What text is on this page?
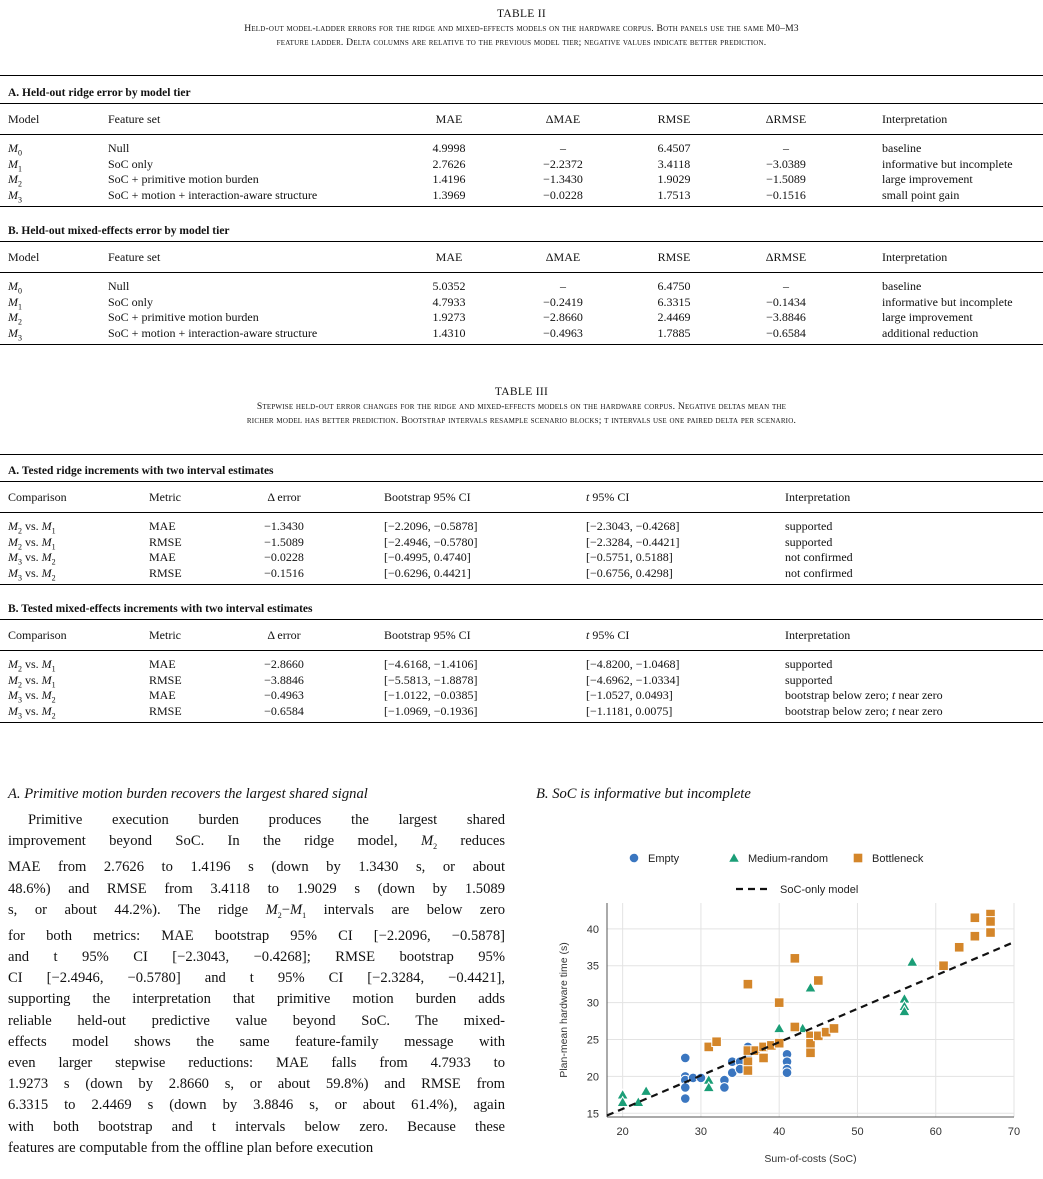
TABLE II
Held-out model-ladder errors for the ridge and mixed-effects models on the hardware corpus. Both panels use the same M0–M3
feature ladder. Delta columns are relative to the previous model tier; negative values indicate better prediction.
A. Held-out ridge error by model tier
Model	Feature set	MAE	ΔMAE	RMSE	ΔRMSE	Interpretation
$M_0$	Null	4.9998	–	6.4507	–	baseline
$M_1$	SoC only	2.7626	−2.2372	3.4118	−3.0389	informative but incomplete
$M_2$	SoC + primitive motion burden	1.4196	−1.3430	1.9029	−1.5089	large improvement
$M_3$	SoC + motion + interaction-aware structure	1.3969	−0.0228	1.7513	−0.1516	small point gain
B. Held-out mixed-effects error by model tier
Model	Feature set	MAE	ΔMAE	RMSE	ΔRMSE	Interpretation
$M_0$	Null	5.0352	–	6.4750	–	baseline
$M_1$	SoC only	4.7933	−0.2419	6.3315	−0.1434	informative but incomplete
$M_2$	SoC + primitive motion burden	1.9273	−2.8660	2.4469	−3.8846	large improvement
$M_3$	SoC + motion + interaction-aware structure	1.4310	−0.4963	1.7885	−0.6584	additional reduction
TABLE III
Stepwise held-out error changes for the ridge and mixed-effects models on the hardware corpus. Negative deltas mean the
richer model has better prediction. Bootstrap intervals resample scenario blocks; t intervals use one paired delta per scenario.
A. Tested ridge increments with two interval estimates
Comparison	Metric	Δ error	Bootstrap 95% CI	t 95% CI	Interpretation
$M_2$ vs. $M_1$	MAE	−1.3430	[−2.2096, −0.5878]	[−2.3043, −0.4268]	supported
$M_2$ vs. $M_1$	RMSE	−1.5089	[−2.4946, −0.5780]	[−2.3284, −0.4421]	supported
$M_3$ vs. $M_2$	MAE	−0.0228	[−0.4995, 0.4740]	[−0.5751, 0.5188]	not confirmed
$M_3$ vs. $M_2$	RMSE	−0.1516	[−0.6296, 0.4421]	[−0.6756, 0.4298]	not confirmed
B. Tested mixed-effects increments with two interval estimates
Comparison	Metric	Δ error	Bootstrap 95% CI	t 95% CI	Interpretation
$M_2$ vs. $M_1$	MAE	−2.8660	[−4.6168, −1.4106]	[−4.8200, −1.0468]	supported
$M_2$ vs. $M_1$	RMSE	−3.8846	[−5.5813, −1.8878]	[−4.6962, −1.0334]	supported
$M_3$ vs. $M_2$	MAE	−0.4963	[−1.0122, −0.0385]	[−1.0527, 0.0493]	bootstrap below zero; t near zero
$M_3$ vs. $M_2$	RMSE	−0.6584	[−1.0969, −0.1936]	[−1.1181, 0.0075]	bootstrap below zero; t near zero
A. Primitive motion burden recovers the largest shared signal
Primitive execution burden produces the largest shared
improvement beyond SoC. In the ridge model, $M_2$ reduces
MAE from 2.7626 to 1.4196 s (down by 1.3430 s, or about
48.6%) and RMSE from 3.4118 to 1.9029 s (down by 1.5089
s, or about 44.2%). The ridge $M_2-M_1$ intervals are below zero
for both metrics: MAE bootstrap 95% CI [−2.2096, −0.5878]
and t 95% CI [−2.3043, −0.4268]; RMSE bootstrap 95%
CI [−2.4946, −0.5780] and t 95% CI [−2.3284, −0.4421],
supporting the interpretation that primitive motion burden adds
reliable held-out predictive value beyond SoC. The mixed-
effects model shows the same feature-family message with
even larger stepwise reductions: MAE falls from 4.7933 to
1.9273 s (down by 2.8660 s, or about 59.8%) and RMSE from
6.3315 to 2.4469 s (down by 3.8846 s, or about 61.4%), again
with both bootstrap and t intervals below zero. Because these
features are computable from the offline plan before execution
B. SoC is informative but incomplete
Empty	Medium-random	Bottleneck
SoC-only model
20	30	40	50	60	70
15
20
25
30
35
40
Sum-of-costs (SoC)
Plan-mean hardware time (s)
